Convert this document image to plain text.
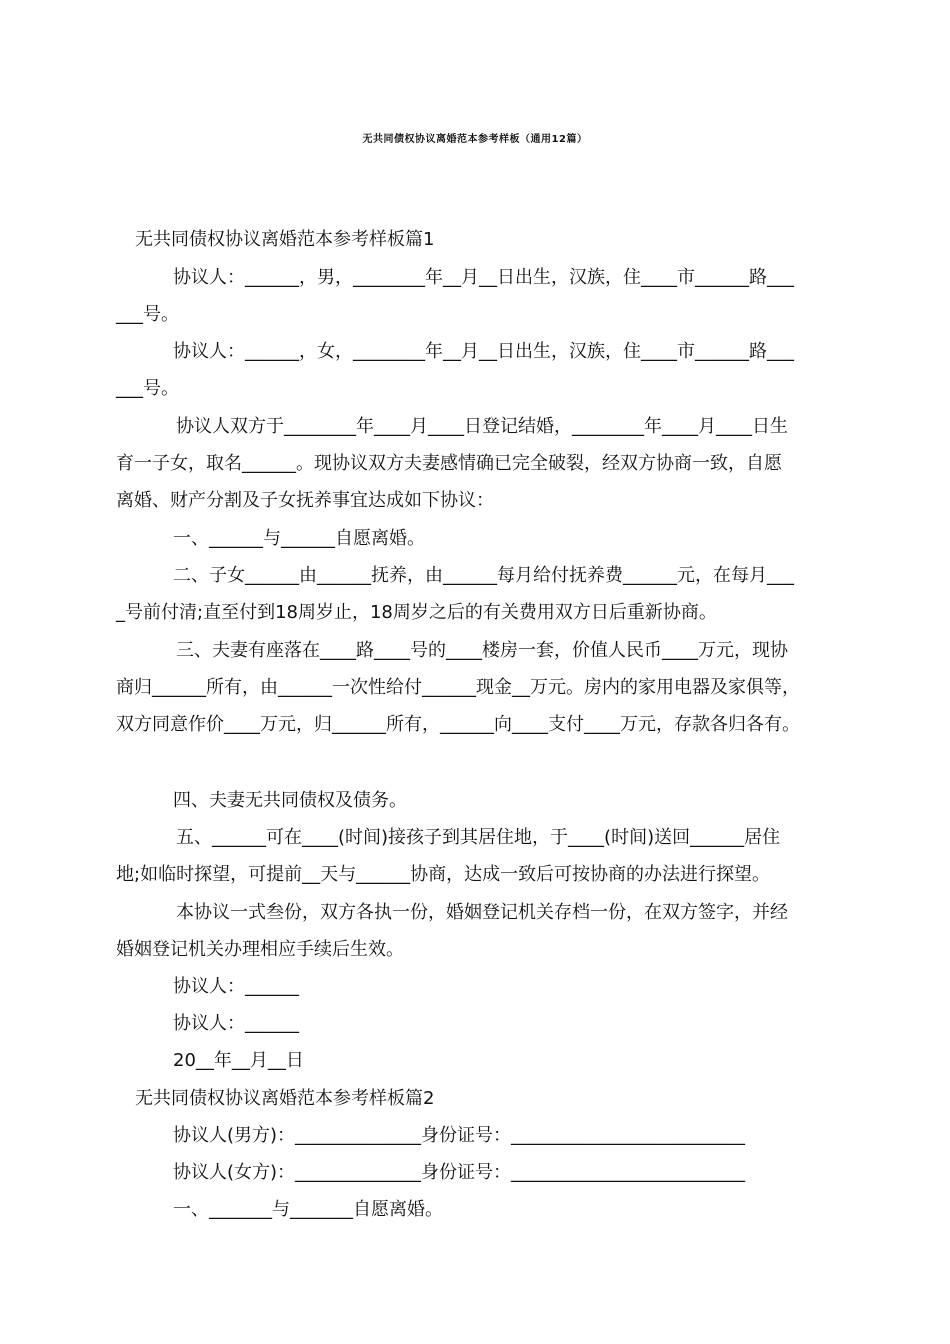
无共同债权协议离婚范本参考样板（通用12篇）
无共同债权协议离婚范本参考样板篇1
协议人：______，男，________年__月__日出生，汉族，住____市______路___
___号。
协议人：______，女，________年__月__日出生，汉族，住____市______路___
___号。
协议人双方于________年____月____日登记结婚，________年____月____日生
育一子女，取名______。现协议双方夫妻感情确已完全破裂，经双方协商一致，自愿
离婚、财产分割及子女抚养事宜达成如下协议：
一、______与______自愿离婚。
二、子女______由______抚养，由______每月给付抚养费______元，在每月___
_号前付清;直至付到18周岁止，18周岁之后的有关费用双方日后重新协商。
三、夫妻有座落在____路____号的____楼房一套，价值人民币____万元，现协
商归______所有，由______一次性给付______现金__万元。房内的家用电器及家俱等，
双方同意作价____万元，归______所有，______向____支付____万元，存款各归各有。
四、夫妻无共同债权及债务。
五、______可在____(时间)接孩子到其居住地，于____(时间)送回______居住
地;如临时探望，可提前__天与______协商，达成一致后可按协商的办法进行探望。
本协议一式叁份，双方各执一份，婚姻登记机关存档一份，在双方签字，并经
婚姻登记机关办理相应手续后生效。
协议人：______
协议人：______
20__年__月__日
无共同债权协议离婚范本参考样板篇2
协议人(男方)：______________身份证号：__________________________
协议人(女方)：______________身份证号：__________________________
一、_______与_______自愿离婚。
